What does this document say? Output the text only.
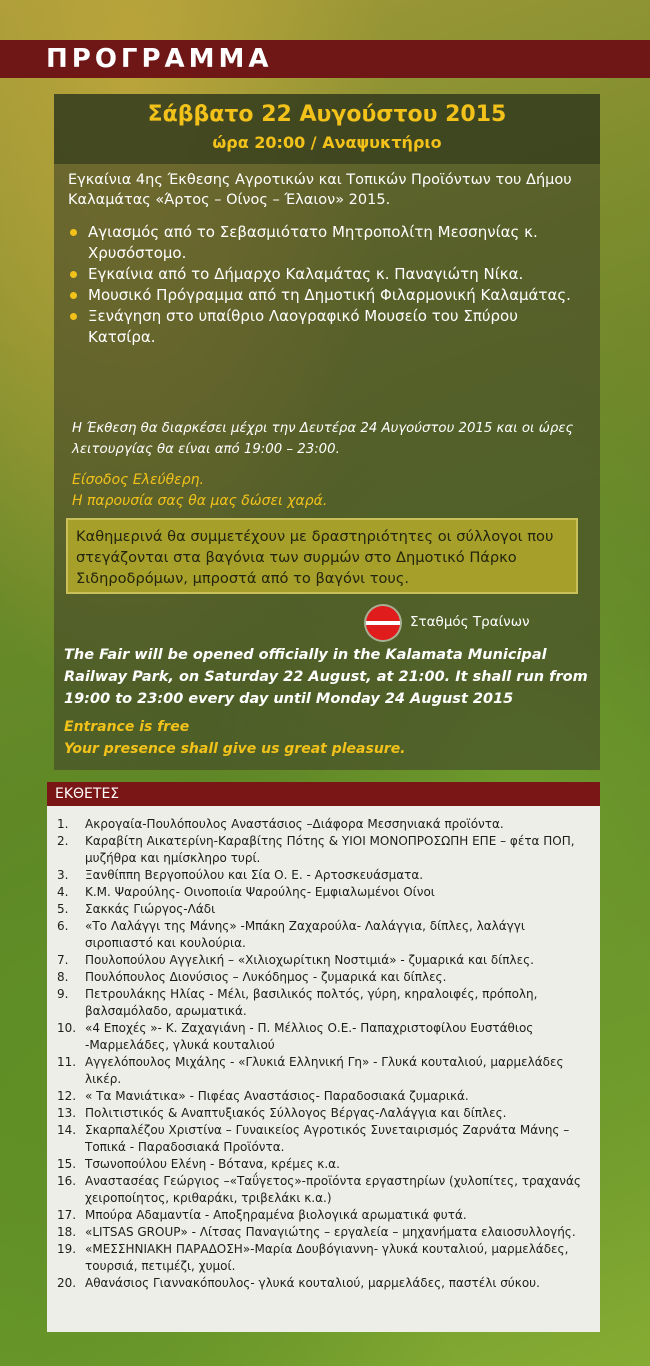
ΠΡΟΓΡΑΜΜΑ
Σάββατο 22 Αυγούστου 2015
ώρα 20:00 / Αναψυκτήριο
Εγκαίνια 4ης Έκθεσης Αγροτικών και Τοπικών Προϊόντων του Δήμου Καλαμάτας «Άρτος – Οίνος – Έλαιον» 2015.
Αγιασμός από το Σεβασμιότατο Μητροπολίτη Μεσσηνίας κ. Χρυσόστομο.
Εγκαίνια από το Δήμαρχο Καλαμάτας κ. Παναγιώτη Νίκα.
Μουσικό Πρόγραμμα από τη Δημοτική Φιλαρμονική Καλαμάτας.
Ξενάγηση στο υπαίθριο Λαογραφικό Μουσείο του Σπύρου Κατσίρα.
Η Έκθεση θα διαρκέσει μέχρι την Δευτέρα 24 Αυγούστου 2015 και οι ώρες λειτουργίας θα είναι από 19:00 – 23:00.
Είσοδος Ελεύθερη.
Η παρουσία σας θα μας δώσει χαρά.
Καθημερινά θα συμμετέχουν με δραστηριότητες οι σύλλογοι που στεγάζονται στα βαγόνια των συρμών στο Δημοτικό Πάρκο Σιδηροδρόμων, μπροστά από το βαγόνι τους.
Σταθμός Τραίνων
The Fair will be opened officially in the Kalamata Municipal Railway Park, on Saturday 22 August, at 21:00. It shall run from 19:00 to 23:00 every day until Monday 24 August 2015
Entrance is free
Your presence shall give us great pleasure.
ΕΚΘΕΤΕΣ
1. Ακρογαία-Πουλόπουλος Αναστάσιος –Διάφορα Μεσσηνιακά προϊόντα.
2. Καραβίτη Αικατερίνη-Καραβίτης Πότης & ΥΙΟΙ ΜΟΝΟΠΡΟΣΩΠΗ ΕΠΕ – φέτα ΠΟΠ, μυζήθρα και ημίσκληρο τυρί.
3. Ξανθίππη Βεργοπούλου και Σία Ο. Ε. - Αρτοσκευάσματα.
4. Κ.Μ. Ψαρούλης- Οινοποιία Ψαρούλης- Εμφιαλωμένοι Οίνοι
5. Σακκάς Γιώργος-Λάδι
6. «Το Λαλάγγι της Μάνης» -Μπάκη Ζαχαρούλα- Λαλάγγια, δίπλες, λαλάγγι σιροπιαστό και κουλούρια.
7. Πουλοπούλου Αγγελική – «Χιλιοχωρίτικη Νοστιμιά» - ζυμαρικά και δίπλες.
8. Πουλόπουλος Διονύσιος – Λυκόδημος - ζυμαρικά και δίπλες.
9. Πετρουλάκης Ηλίας - Μέλι, βασιλικός πολτός, γύρη, κηραλοιφές, πρόπολη, βαλσαμόλαδο, αρωματικά.
10. «4 Εποχές »- Κ. Ζαχαγιάνη - Π. Μέλλιος Ο.Ε.- Παπαχριστοφίλου Ευστάθιος -Μαρμελάδες, γλυκά κουταλιού
11. Αγγελόπουλος Μιχάλης - «Γλυκιά Ελληνική Γη» - Γλυκά κουταλιού, μαρμελάδες λικέρ.
12. « Τα Μανιάτικα» - Πιφέας Αναστάσιος- Παραδοσιακά ζυμαρικά.
13. Πολιτιστικός & Αναπτυξιακός Σύλλογος Βέργας-Λαλάγγια και δίπλες.
14. Σκαρπαλέζου Χριστίνα – Γυναικείος Αγροτικός Συνεταιρισμός Ζαρνάτα Μάνης – Τοπικά - Παραδοσιακά Προϊόντα.
15. Τσωνοπούλου Ελένη - Βότανα, κρέμες κ.α.
16. Αναστασέας Γεώργιος –«Ταΰγετος»-προϊόντα εργαστηρίων (χυλοπίτες, τραχανάς χειροποίητος, κριθαράκι, τριβελάκι κ.α.)
17. Μπούρα Αδαμαντία - Αποξηραμένα βιολογικά αρωματικά φυτά.
18. «LITSAS GROUP» - Λίτσας Παναγιώτης – εργαλεία – μηχανήματα ελαιοσυλλογής.
19. «ΜΕΣΣΗΝΙΑΚΗ ΠΑΡΑΔΟΣΗ»-Μαρία Δουβόγιαννη- γλυκά κουταλιού, μαρμελάδες, τουρσιά, πετιμέζι, χυμοί.
20. Αθανάσιος Γιαννακόπουλος- γλυκά κουταλιού, μαρμελάδες, παστέλι σύκου.
